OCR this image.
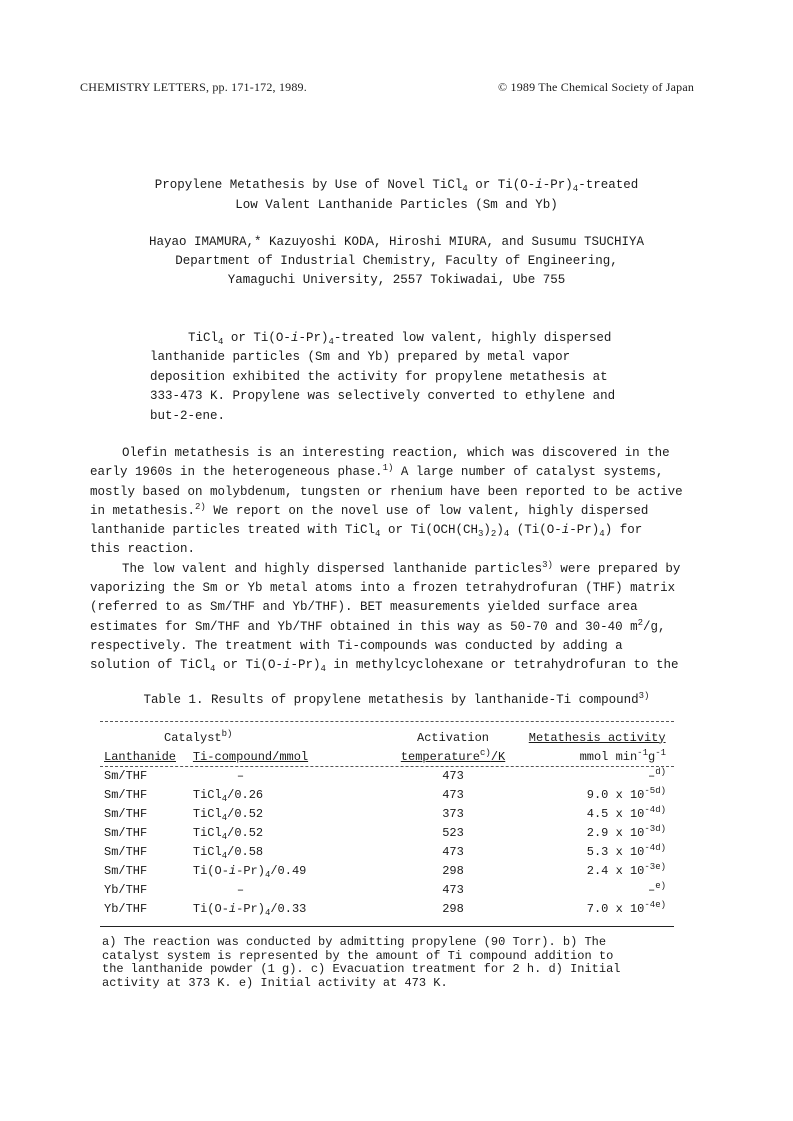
CHEMISTRY LETTERS, pp. 171-172, 1989.	© 1989 The Chemical Society of Japan
Propylene Metathesis by Use of Novel TiCl$_4$ or $Ti(O-i-Pr)_4$-treated
Low Valent Lanthanide Particles (Sm and Yb)
Hayao IMAMURA,* Kazuyoshi KODA, Hiroshi MIURA, and Susumu TSUCHIYA
Department of Industrial Chemistry, Faculty of Engineering,
Yamaguchi University, 2557 Tokiwadai, Ube 755

TiCl$_4$ or $Ti(O-i-Pr)_4$-treated low valent, highly dispersed

lanthanide particles (Sm and Yb) prepared by metal vapor

deposition exhibited the activity for propylene metathesis at

333-473 K. Propylene was selectively converted to ethylene and

but-2-ene.

Olefin metathesis is an interesting reaction, which was discovered in the

early 1960s in the heterogeneous phase.$^{1)}$ A large number of catalyst systems,

mostly based on molybdenum, tungsten or rhenium have been reported to be active

in metathesis.$^{2)}$ We report on the novel use of low valent, highly dispersed

lanthanide particles treated with TiCl$_4$ or $Ti(OCH(CH_3)_2)_4$ $(Ti(O-i-Pr)_4)$ for

this reaction.

The low valent and highly dispersed lanthanide particles$^{3)}$ were prepared by

vaporizing the Sm or Yb metal atoms into a frozen tetrahydrofuran (THF) matrix

(referred to as Sm/THF and Yb/THF). BET measurements yielded surface area

estimates for Sm/THF and Yb/THF obtained in this way as 50-70 and 30-40 $m^2/g$,

respectively. The treatment with Ti-compounds was conducted by adding a

solution of TiCl$_4$ or $Ti(O-i-Pr)_4$ in methylcyclohexane or tetrahydrofuran to the

Table 1. Results of propylene metathesis by lanthanide-Ti compound$^{3)}$
Catalyst$^{b)}$		Activation	Metathesis activity
Lanthanide	Ti-compound/mmol	temperature$^{c)}$/K	mmol $\min^{-1}g^{-1}$
Sm/THF	–	473	–$^{d)}$
Sm/THF	TiCl$_4$/0.26	473	9.0 x $10^{-5d)}$
Sm/THF	TiCl$_4$/0.52	373	4.5 x $10^{-4d)}$
Sm/THF	TiCl$_4$/0.52	523	2.9 x $10^{-3d)}$
Sm/THF	TiCl$_4$/0.58	473	5.3 x $10^{-4d)}$
Sm/THF	$Ti(O-i-Pr)_4/0.49$	298	2.4 x $10^{-3e)}$
Yb/THF	–	473	–$^{e)}$
Yb/THF	$Ti(O-i-Pr)_4/0.33$	298	7.0 x $10^{-4e)}$

a) The reaction was conducted by admitting propylene (90 Torr). b) The

catalyst system is represented by the amount of Ti compound addition to

the lanthanide powder (1 g). c) Evacuation treatment for 2 h. d) Initial

activity at 373 K. e) Initial activity at 473 K.
